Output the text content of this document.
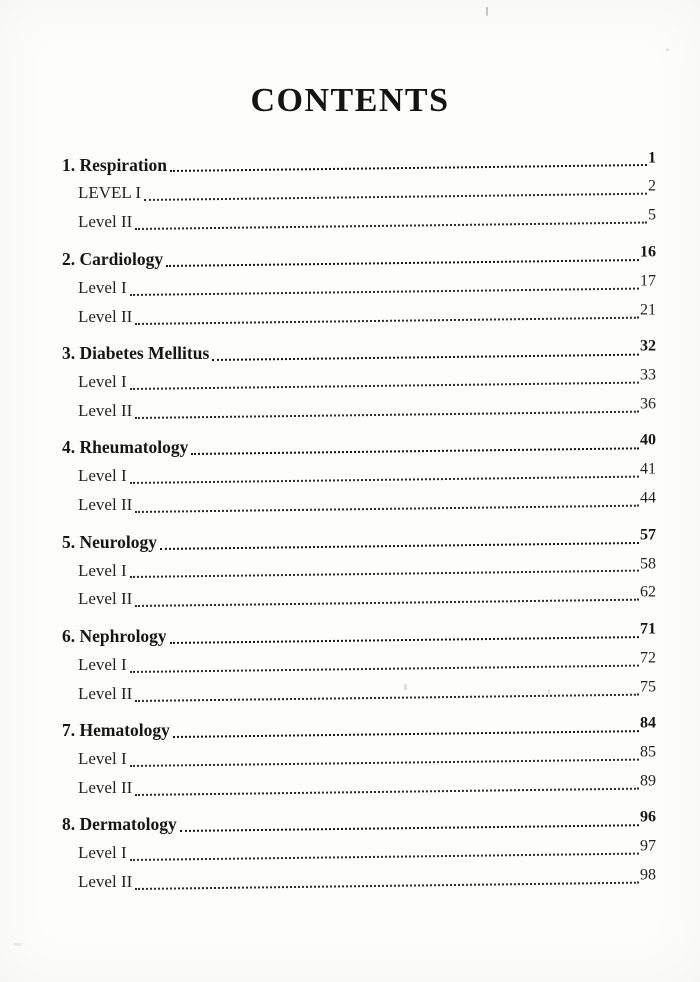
CONTENTS
1. Respiration	1
LEVEL I	2
Level II	5
2. Cardiology	16
Level I	17
Level II	21
3. Diabetes Mellitus	32
Level I	33
Level II	36
4. Rheumatology	40
Level I	41
Level II	44
5. Neurology	57
Level I	58
Level II	62
6. Nephrology	71
Level I	72
Level II	75
7. Hematology	84
Level I	85
Level II	89
8. Dermatology	96
Level I	97
Level II	98
